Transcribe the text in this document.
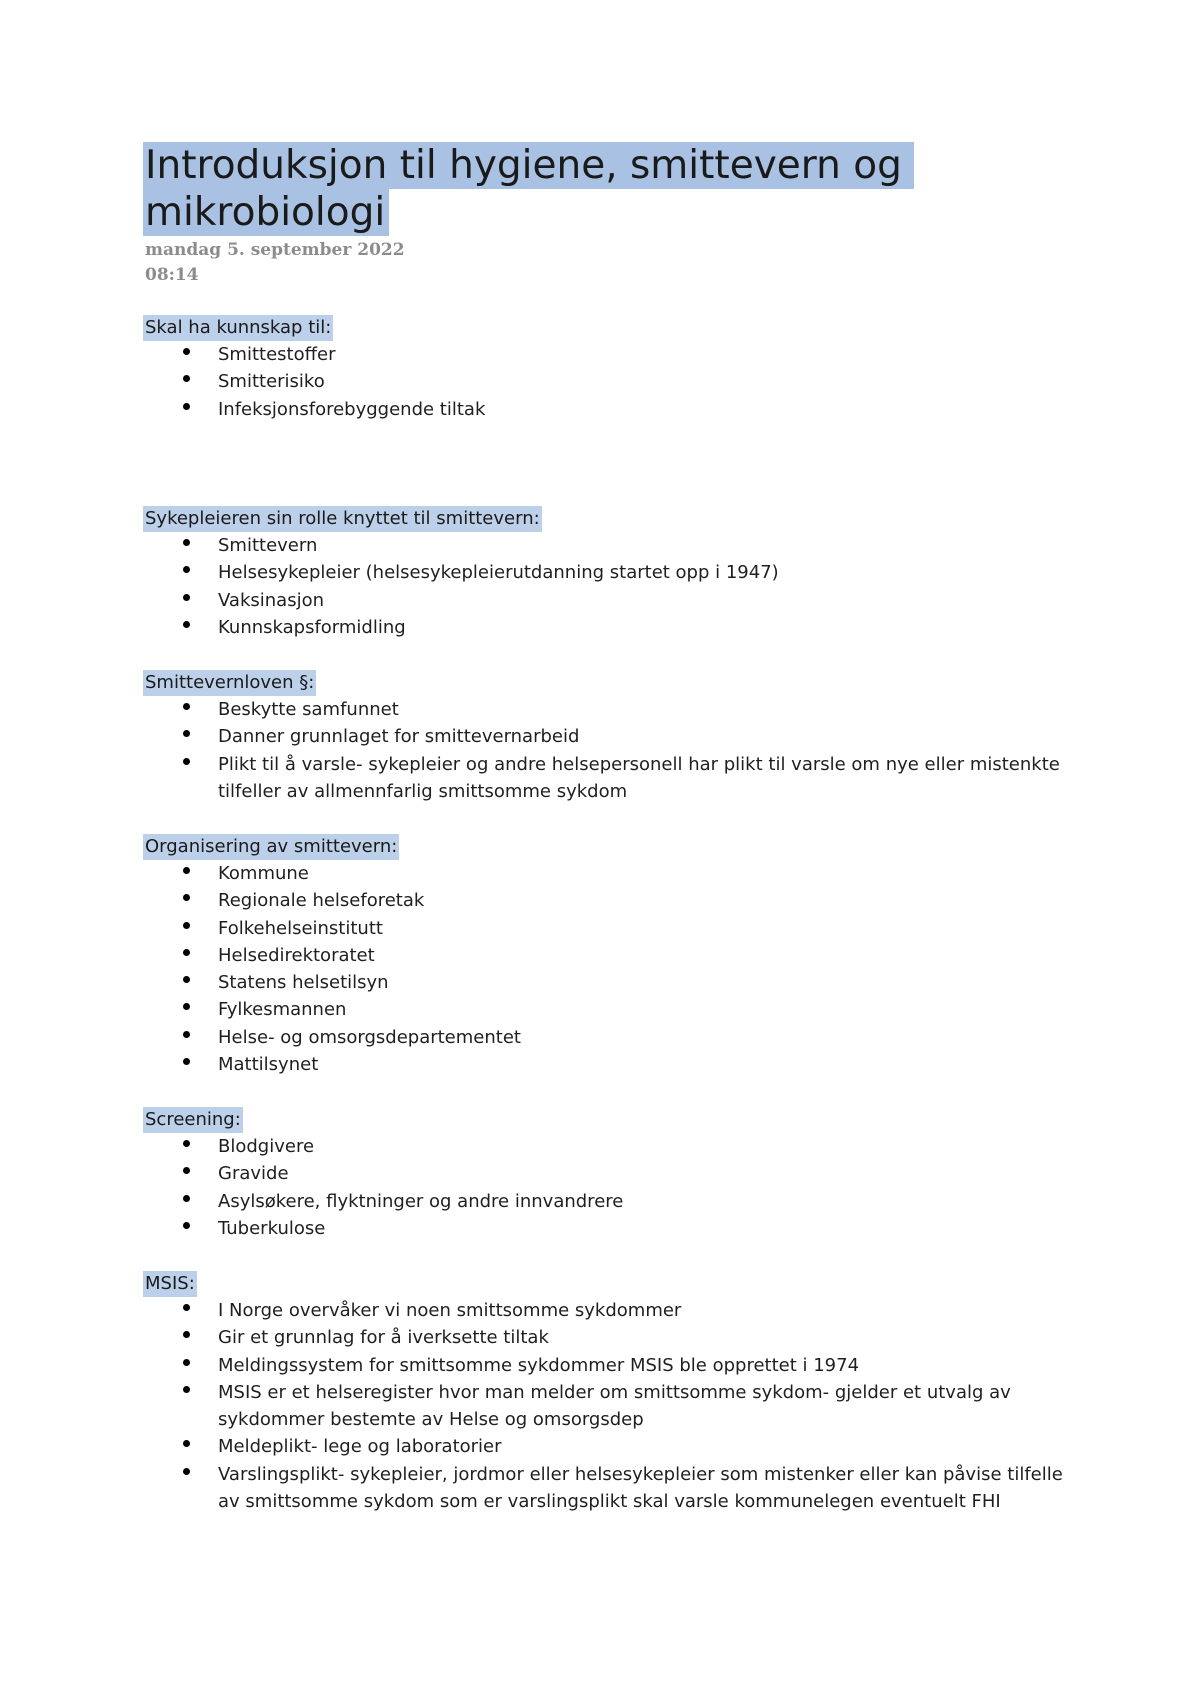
Introduksjon til hygiene, smittevern og
mikrobiologi
mandag 5. september 2022
08:14
Skal ha kunnskap til:
Smittestoffer
Smitterisiko
Infeksjonsforebyggende tiltak
Sykepleieren sin rolle knyttet til smittevern:
Smittevern
Helsesykepleier (helsesykepleierutdanning startet opp i 1947)
Vaksinasjon
Kunnskapsformidling
Smittevernloven §:
Beskytte samfunnet
Danner grunnlaget for smittevernarbeid
Plikt til å varsle- sykepleier og andre helsepersonell har plikt til varsle om nye eller mistenkte tilfeller av allmennfarlig smittsomme sykdom
Organisering av smittevern:
Kommune
Regionale helseforetak
Folkehelseinstitutt
Helsedirektoratet
Statens helsetilsyn
Fylkesmannen
Helse- og omsorgsdepartementet
Mattilsynet
Screening:
Blodgivere
Gravide
Asylsøkere, flyktninger og andre innvandrere
Tuberkulose
MSIS:
I Norge overvåker vi noen smittsomme sykdommer
Gir et grunnlag for å iverksette tiltak
Meldingssystem for smittsomme sykdommer MSIS ble opprettet i 1974
MSIS er et helseregister hvor man melder om smittsomme sykdom- gjelder et utvalg av sykdommer bestemte av Helse og omsorgsdep
Meldeplikt- lege og laboratorier
Varslingsplikt- sykepleier, jordmor eller helsesykepleier som mistenker eller kan påvise tilfelle av smittsomme sykdom som er varslingsplikt skal varsle kommunelegen eventuelt FHI
